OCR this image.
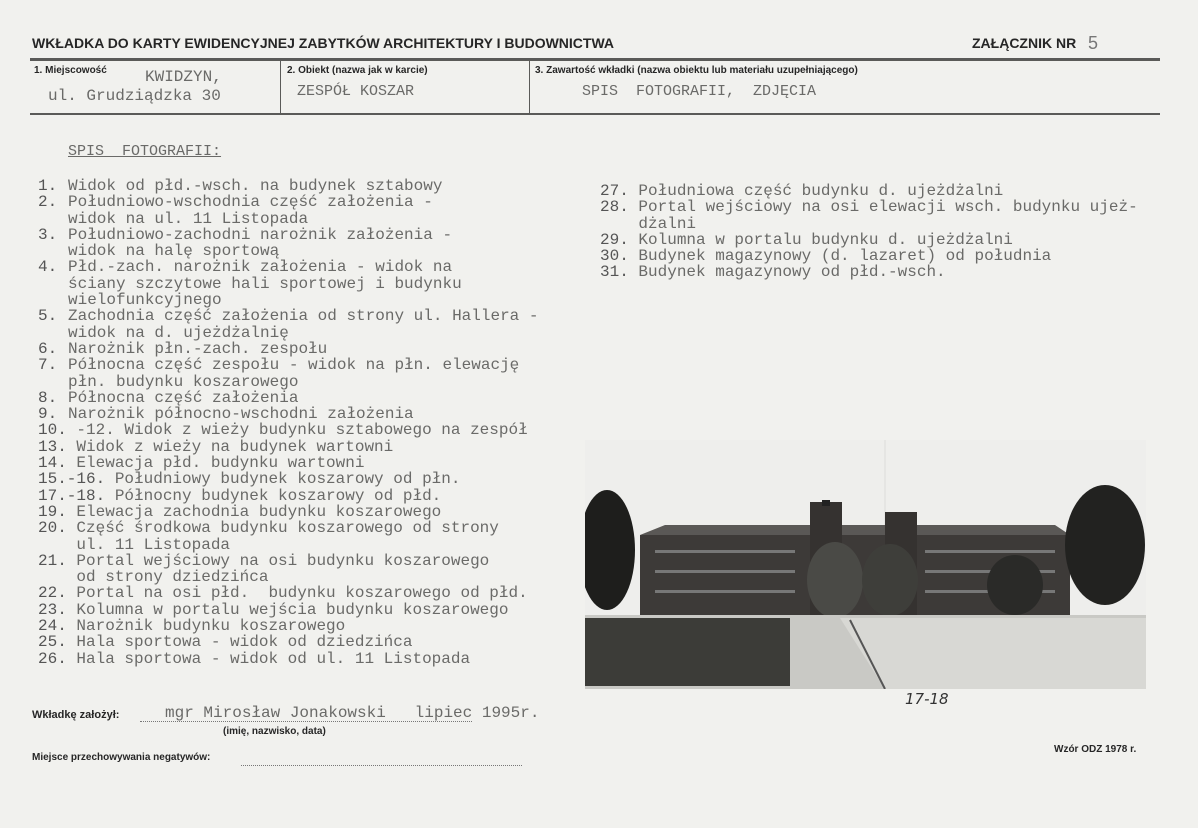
WKŁADKA DO KARTY EWIDENCYJNEJ ZABYTKÓW ARCHITEKTURY I BUDOWNICTWA	ZAŁĄCZNIK NR 5
1. Miejscowość KWIDZYN,
ul. Grudziądzka 30
2. Obiekt (nazwa jak w karcie)
ZESPÓŁ KOSZAR
3. Zawartość wkładki (nazwa obiektu lub materiału uzupełniającego)
SPIS  FOTOGRAFII,  ZDJĘCIA
SPIS  FOTOGRAFII:
1. Widok od płd.-wsch. na budynek sztabowy
2. Południowo-wschodnia część założenia -
widok na ul. 11 Listopada
3. Południowo-zachodni narożnik założenia -
widok na halę sportową
4. Płd.-zach. narożnik założenia - widok na
ściany szczytowe hali sportowej i budynku
wielofunkcyjnego
5. Zachodnia część założenia od strony ul. Hallera -
widok na d. ujeżdżalnię
6. Narożnik płn.-zach. zespołu
7. Północna część zespołu - widok na płn. elewację
płn. budynku koszarowego
8. Północna część założenia
9. Narożnik północno-wschodni założenia
10. -12. Widok z wieży budynku sztabowego na zespół
13. Widok z wieży na budynek wartowni
14. Elewacja płd. budynku wartowni
15.-16. Południowy budynek koszarowy od płn.
17.-18. Północny budynek koszarowy od płd.
19. Elewacja zachodnia budynku koszarowego
20. Część środkowa budynku koszarowego od strony
ul. 11 Listopada
21. Portal wejściowy na osi budynku koszarowego
od strony dziedzińca
22. Portal na osi płd.  budynku koszarowego od płd.
23. Kolumna w portalu wejścia budynku koszarowego
24. Narożnik budynku koszarowego
25. Hala sportowa - widok od dziedzińca
26. Hala sportowa - widok od ul. 11 Listopada
27. Południowa część budynku d. ujeżdżalni
28. Portal wejściowy na osi elewacji wsch. budynku ujeż-
dżalni
29. Kolumna w portalu budynku d. ujeżdżalni
30. Budynek magazynowy (d. lazaret) od południa
31. Budynek magazynowy od płd.-wsch.
17-18
Wkładkę założył:	mgr Mirosław Jonakowski   lipiec 1995r.
(imię, nazwisko, data)
Miejsce przechowywania negatywów:
Wzór ODZ 1978 r.
